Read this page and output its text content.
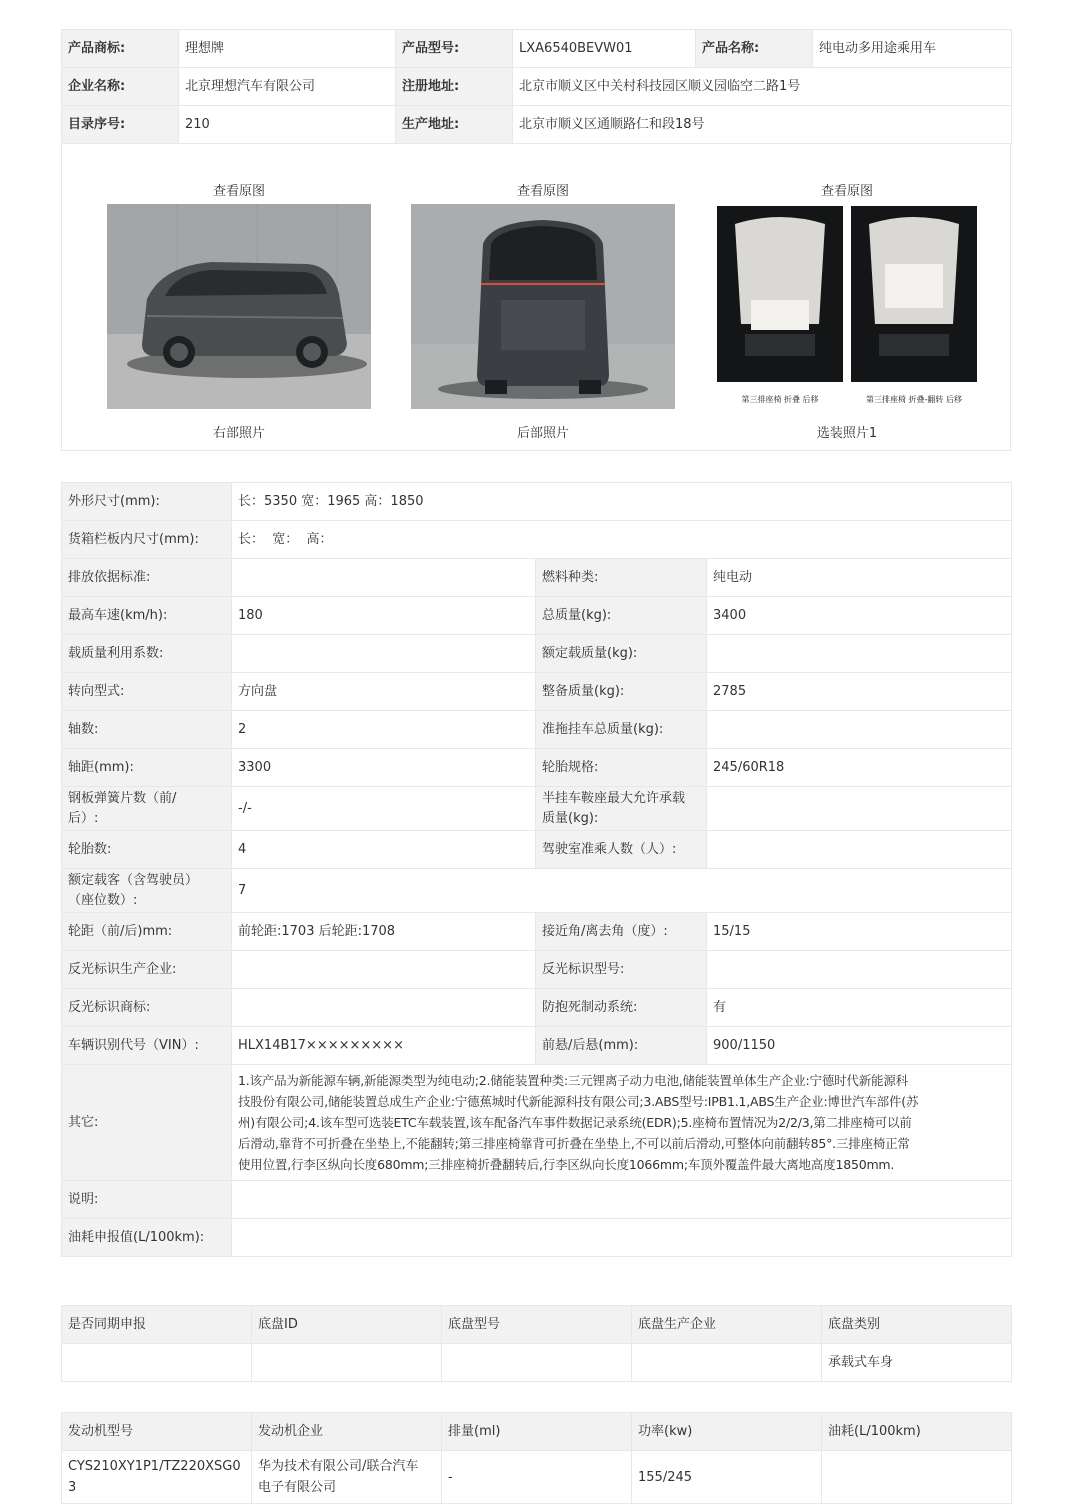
产品商标:	理想牌	产品型号:	LXA6540BEVW01	产品名称:	纯电动多用途乘用车
企业名称:	北京理想汽车有限公司	注册地址:	北京市顺义区中关村科技园区顺义园临空二路1号		
目录序号:	210	生产地址:	北京市顺义区通顺路仁和段18号		
查看原图
右部照片
查看原图
后部照片
查看原图
第三排座椅 折叠 后移	第三排座椅 折叠-翻转 后移
选装照片1
外形尺寸(mm):	长：5350 宽：1965 高：1850		
货箱栏板内尺寸(mm):	长：  宽：  高：		
排放依据标准:		燃料种类:	纯电动
最高车速(km/h):	180	总质量(kg):	3400
载质量利用系数:		额定载质量(kg):	
转向型式:	方向盘	整备质量(kg):	2785
轴数:	2	准拖挂车总质量(kg):	
轴距(mm):	3300	轮胎规格:	245/60R18
钢板弹簧片数（前/
后）:	-/-	半挂车鞍座最大允许承载
质量(kg):	
轮胎数:	4	驾驶室准乘人数（人）:	
额定载客（含驾驶员）
（座位数）:	7		
轮距（前/后)mm:	前轮距:1703 后轮距:1708	接近角/离去角（度）:	15/15
反光标识生产企业:		反光标识型号:	
反光标识商标:		防抱死制动系统:	有
车辆识别代号（VIN）:	HLX14B17×××××××××	前悬/后悬(mm):	900/1150
其它:	1.该产品为新能源车辆,新能源类型为纯电动;2.储能装置种类:三元锂离子动力电池,储能装置单体生产企业:宁德时代新能源科
技股份有限公司,储能装置总成生产企业:宁德蕉城时代新能源科技有限公司;3.ABS型号:IPB1.1,ABS生产企业:博世汽车部件(苏
州)有限公司;4.该车型可选装ETC车载装置,该车配备汽车事件数据记录系统(EDR);5.座椅布置情况为2/2/3,第二排座椅可以前
后滑动,靠背不可折叠在坐垫上,不能翻转;第三排座椅靠背可折叠在坐垫上,不可以前后滑动,可整体向前翻转85°.三排座椅正常
使用位置,行李区纵向长度680mm;三排座椅折叠翻转后,行李区纵向长度1066mm;车顶外覆盖件最大离地高度1850mm.		

说明:			
油耗申报值(L/100km):			
是否同期申报	底盘ID	底盘型号	底盘生产企业	底盘类别
				承载式车身
发动机型号	发动机企业	排量(ml)	功率(kw)	油耗(L/100km)
CYS210XY1P1/TZ220XSG0
3	华为技术有限公司/联合汽车
电子有限公司	-	155/245	
